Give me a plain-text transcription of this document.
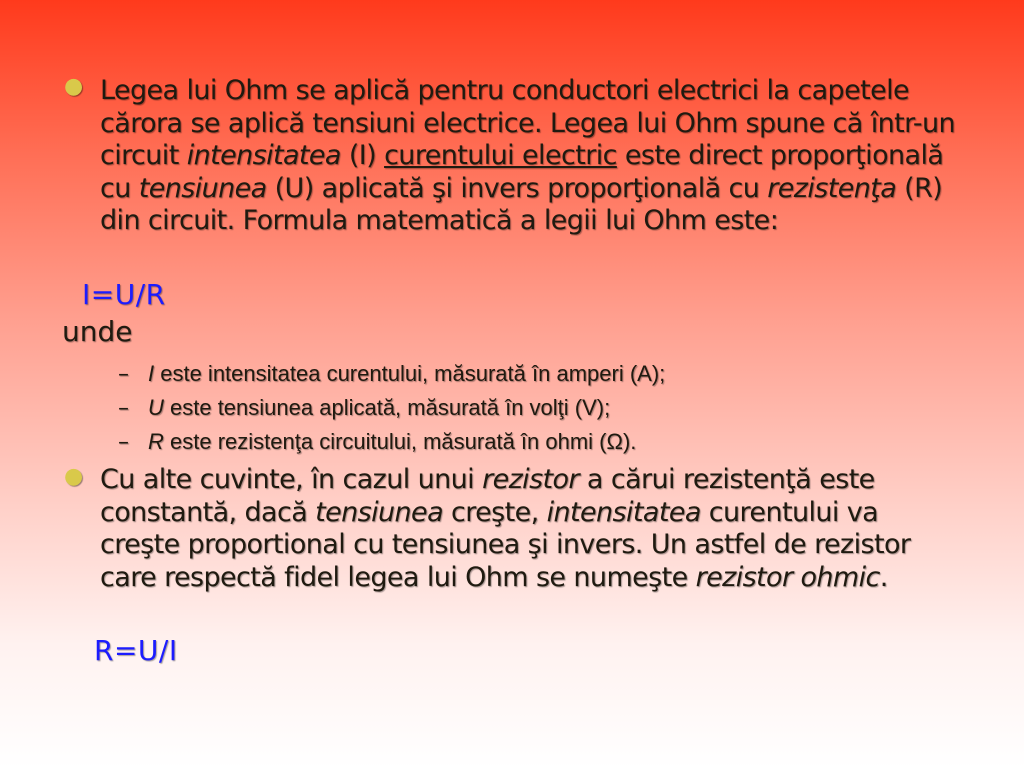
● Legea lui Ohm se aplică pentru conductori electrici la capetele cărora se aplică tensiuni electrice. Legea lui Ohm spune că într-un circuit intensitatea (I) curentului electric este direct proporţională cu tensiunea (U) aplicată şi invers proporţională cu rezistenţa (R) din circuit. Formula matematică a legii lui Ohm este:
I=U/R
unde
– I este intensitatea curentului, măsurată în amperi (A);
– U este tensiunea aplicată, măsurată în volţi (V);
– R este rezistenţa circuitului, măsurată în ohmi (Ω).
● Cu alte cuvinte, în cazul unui rezistor a cărui rezistenţă este constantă, dacă tensiunea creşte, intensitatea curentului va creşte proportional cu tensiunea şi invers. Un astfel de rezistor care respectă fidel legea lui Ohm se numeşte rezistor ohmic.
R=U/I
